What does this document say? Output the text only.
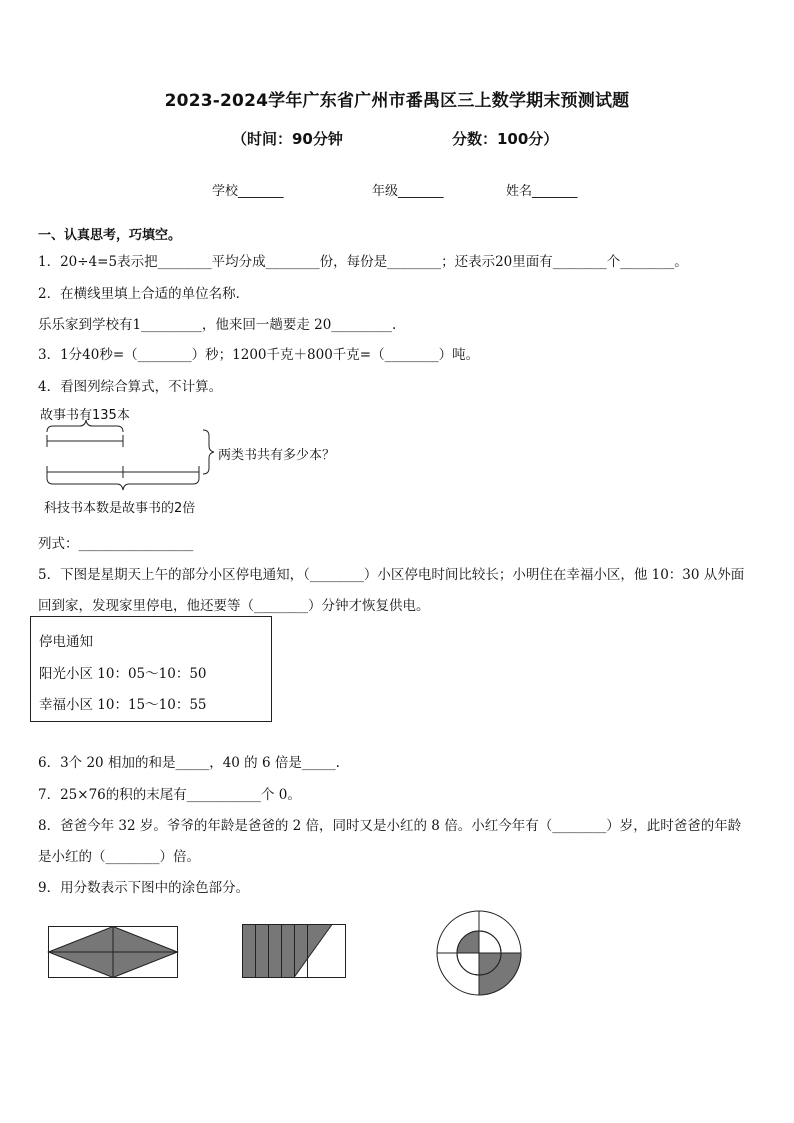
2023-2024学年广东省广州市番禺区三上数学期末预测试题
（时间：90分钟	分数：100分）
学校_______	年级_______	姓名_______
一、认真思考，巧填空。
1．20÷4=5表示把________平均分成________份，每份是________；还表示20里面有________个________。
2．在横线里填上合适的单位名称．
乐乐家到学校有1_________，他来回一趟要走 20_________.
3．1分40秒=（________）秒；1200千克＋800千克=（________）吨。
4．看图列综合算式，不计算。
故事书有135本
两类书共有多少本？
科技书本数是故事书的2倍
列式：_________________
5．下图是星期天上午的部分小区停电通知，（________）小区停电时间比较长；小明住在幸福小区，他 10：30 从外面
回到家，发现家里停电，他还要等（________）分钟才恢复供电。
停电通知
阳光小区 10：05～10：50
幸福小区 10：15～10：55
6．3个 20 相加的和是_____，40 的 6 倍是_____.
7．25×76的积的末尾有___________个 0。
8．爸爸今年 32 岁。爷爷的年龄是爸爸的 2 倍，同时又是小红的 8 倍。小红今年有（________）岁，此时爸爸的年龄
是小红的（________）倍。
9．用分数表示下图中的涂色部分。
